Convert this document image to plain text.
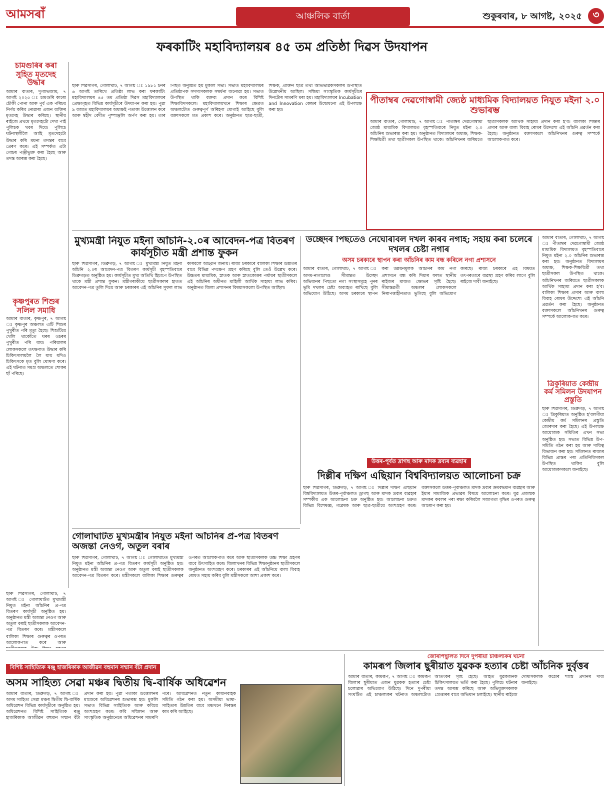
আমসৰাঁ	আঞ্চলিক বাৰ্তা	শুকুৰবাৰ, ৮ আগষ্ট, ২০২৫	৩
চামগুৰিৰ কৰা সুহিত মৃতদেহ উদ্ধাৰ
আমাৰ বাতৰি, দুৰ্গাভিজাম, ৭ আগষ্ট ২০২৫ ঃ চামগুৰি কাৰো চৌকী পোনা আৰু পুৰ্ব এক পৰিচয় নিৰ্ণয় কৰিব নোৱাৰা এজন ব্যক্তিৰ মৃতদেহ উদ্ধাৰ কৰিছে। স্থানীয় ৰাইজে প্ৰথমে মৃতদেহটো দেখা পাই পুলিচক খবৰ দিয়ে। পুলিচে ঘটনাস্থলীলৈ আহি মৃতদেহটো উদ্ধাৰ কৰি ময়না তদন্তৰ বাবে প্ৰেৰণ কৰে। এই সম্পৰ্কত এটা গোচৰ পঞ্জীভুক্ত কৰা হৈছে আৰু তদন্ত আৰম্ভ কৰা হৈছে।
কৃষ্ণপুৰত শিশুৰ সলিল সমাধি
আমাৰ বাতৰি, কৃষ্ণপুৰ, ৭ আগষ্ট ঃ কৃষ্ণপুৰ অঞ্চলত এটি শিশুৰ পুখুৰীত পৰি মৃত্যু হৈছে। শিশুটিয়ে খেলি থাকোঁতে ঘৰৰ ওচৰৰ পুখুৰীত পৰি যায়। পৰিয়ালৰ লোকসকলে তৎক্ষণাত উদ্ধাৰ কৰি চিকিৎসালয়লৈ লৈ যায় যদিও চিকিৎসকে মৃত বুলি ঘোষণা কৰে। এই ঘটনাত সমগ্ৰ অঞ্চলতে শোকৰ ছাঁ পৰিছে।
ফৰকাটিং মহাবিদ্যালয়ৰ ৪৫ তম প্ৰতিষ্ঠা দিৱস উদযাপন
ছাৰু শিৱসাগৰ, গোলাঘাট, ৭ আগষ্ট ঃ ১৯৮১ চনৰ ৬ আগষ্ট তাৰিখে প্ৰতিষ্ঠা লাভ কৰা ফৰকাটিং মহাবিদ্যালয়ৰ ৪৫ তম প্ৰতিষ্ঠা দিৱস মহাবিদ্যালয়ৰ প্ৰেক্ষাগৃহত বিভিন্ন কাৰ্যসূচীৰে উদযাপন কৰা হয়। পুৱা ৯ বজাত মহাবিদ্যালয়ৰ অধ্যক্ষই পতাকা উত্তোলন কৰে আৰু শ্বহীদ বেদীত পুষ্পাঞ্জলি অৰ্পণ কৰা হয়। তাৰ পিছত অনুষ্ঠিত হয় মুকলি সভা। সভাত মহাবিদ্যালয়ৰ প্ৰতিষ্ঠাপক সদস্যসকলক সম্বৰ্ধনা জনোৱা হয়। সভাত উপস্থিত থাকি বক্তব্য প্ৰদান কৰে বিশিষ্ট শিক্ষাবিদসকলে। মহাবিদ্যালয়খনে শিক্ষাৰ ক্ষেত্ৰত অঞ্চলটোত গুৰুত্বপূৰ্ণ অৰিহণা যোগাই আহিছে বুলি বক্তাসকলে মত প্ৰকাশ কৰে। অনুষ্ঠানত ছাত্ৰ-ছাত্ৰী, শিক্ষক, প্ৰাক্তন ছাত্ৰ তথা অভিভাৱকসকলৰ উপস্থিতি উল্লেখনীয় আছিল। সন্ধিয়া সাংস্কৃতিক কাৰ্যসূচীৰে দিনটোৰ সামৰণি মৰা হয়। মহাবিদ্যালয়ৰ Incubation and Innovation কেন্দ্ৰৰ উদ্বোধনো এই উপলক্ষে কৰা হয়।
পীতাম্বৰ দেৱগোস্বামী জ্যেষ্ঠ মাধ্যমিক বিদ্যালয়ত নিযুত মইনা ২.০ শুভাৰম্ভ
আমাৰ বাতৰি, গোলাঘাট, ৭ আগষ্ট ঃ পীতাম্বৰ দেৱগোস্বামী জ্যেষ্ঠ মাধ্যমিক বিদ্যালয়ত বৃহস্পতিবাৰে নিযুত মইনা ২.০ আঁচনিৰ শুভাৰম্ভ কৰা হয়। অনুষ্ঠানত বিদ্যালয়ৰ অধ্যক্ষ, শিক্ষক-শিক্ষয়িত্ৰী তথা ছাত্ৰীসকল উপস্থিত থাকে। আঁচনিখনৰ জৰিয়তে ছাত্ৰীসকলক আৰ্থিক সাহায্য প্ৰদান কৰা হ'ব। বালিকা শিক্ষাৰ প্ৰসাৰ আৰু বাল্য বিবাহ ৰোধৰ উদ্দেশ্যে এই আঁচনি প্ৰৱৰ্তন কৰা হৈছে। অনুষ্ঠানত বক্তাসকলে আঁচনিখনৰ গুৰুত্ব সম্পৰ্কে আলোকপাত কৰে।
মুখ্যমন্ত্ৰী নিযুত মইনা আঁচনি-২.০ৰ আবেদন-পত্ৰ বিতৰণ কাৰ্যসূচীত মন্ত্ৰী প্ৰশান্ত ফুকন
ছাৰু শিৱসাগৰ, ডিব্ৰুগড়, ৭ আগষ্ট ঃ মুখ্যমন্ত্ৰী নিযুত মইনা আঁচনি ২.০ৰ আবেদন-পত্ৰ বিতৰণ কাৰ্যসূচী বৃহস্পতিবাৰে ডিব্ৰুগড়ত অনুষ্ঠিত হয়। কাৰ্যসূচীত মুখ্য অতিথি হিচাপে উপস্থিত থাকে মন্ত্ৰী প্ৰশান্ত ফুকন। মন্ত্ৰীগৰাকীয়ে ছাত্ৰীসকলৰ হাতত আবেদন-পত্ৰ তুলি দিয়ে আৰু চৰকাৰৰ এই আঁচনিৰ সুফল লাভ কৰিবলৈ আহ্বান জনায়। ৰাজ্য চৰকাৰে বালিকা শিক্ষাৰ উন্নতিৰ বাবে বিভিন্ন পদক্ষেপ গ্ৰহণ কৰিছে বুলি তেওঁ উল্লেখ কৰে। উচ্চতৰ মাধ্যমিক, স্নাতক আৰু স্নাতকোত্তৰ পৰ্যায়ৰ ছাত্ৰীসকলে এই আঁচনিৰ অধীনত মাহিলী আৰ্থিক সাহায্য লাভ কৰিব। অনুষ্ঠানত জিলা প্ৰশাসনৰ বিষয়াসকলো উপস্থিত আছিল।
উচ্ছেদৰ পিছতেও নেঘেৰিবিল দখল কৰিব নগাই; সহায় কৰা চলেৰে দখলৰ চেষ্টা নগাৰ
অসম চৰকাৰে স্থাপন কৰা আঁচনিৰ কাম বন্ধ কৰিলে নগা প্ৰশাসনে
আমাৰ বাতৰি, গোলাঘাট, ৭ আগষ্ট ঃ অসম-নাগালেণ্ড সীমান্তত উচ্ছেদ অভিযানৰ পিছতো নগা সংস্থাসমূহে পুনৰ ভূমি দখলৰ চেষ্টা অব্যাহত ৰাখিছে বুলি অভিযোগ উঠিছে। অসম চৰকাৰে স্থাপন কৰা উন্নয়নমূলক আঁচনিৰ কাম নগা প্ৰশাসনে বন্ধ কৰি দিয়াৰ ফলত স্থানীয় ৰাইজৰ মাজত ক্ষোভৰ সৃষ্টি হৈছে। সীমান্তৱৰ্তী অঞ্চলৰ লোকসকলে নিৰাপত্তাহীনতাত ভুগিছে বুলি অভিযোগ কৰিছে। ৰাজ্য চৰকাৰে এই বিষয়ত তৎপৰতাৰে ব্যৱস্থা গ্ৰহণ কৰিব লাগে বুলি ৰাইজে দাবী জনাইছে।
ত্ৰিকুৰিয়াত কেন্দ্ৰীয় কৰ্ম সমিলন উদযাপন প্ৰস্তুতি
ছাৰু শিৱসাগৰ, ডিব্ৰুগড়, ৭ আগষ্ট ঃ ত্ৰিকুৰিয়াত অনুষ্ঠিত হ'বলগীয়া কেন্দ্ৰীয় কৰ্ম সমিলনৰ প্ৰস্তুতি জোৰদাৰ কৰা হৈছে। এই উপলক্ষে আয়োজক সমিতিৰ এখন সভা অনুষ্ঠিত হয়। সভাত বিভিন্ন উপ-সমিতি গঠন কৰা হয় আৰু দায়িত্ব বিভাজন কৰা হয়। সমিলনত ৰাজ্যৰ বিভিন্ন প্ৰান্তৰ পৰা প্ৰতিনিধিসকল উপস্থিত থাকিব বুলি আয়োজকসকলে জনাইছে।
আমাৰ বাতৰি, গোলাঘাট, ৭ আগষ্ট ঃ পীতাম্বৰ দেৱগোস্বামী জ্যেষ্ঠ মাধ্যমিক বিদ্যালয়ত বৃহস্পতিবাৰে নিযুত মইনা ২.০ আঁচনিৰ শুভাৰম্ভ কৰা হয়। অনুষ্ঠানত বিদ্যালয়ৰ অধ্যক্ষ, শিক্ষক-শিক্ষয়িত্ৰী তথা ছাত্ৰীসকল উপস্থিত থাকে। আঁচনিখনৰ জৰিয়তে ছাত্ৰীসকলক আৰ্থিক সাহায্য প্ৰদান কৰা হ'ব। বালিকা শিক্ষাৰ প্ৰসাৰ আৰু বাল্য বিবাহ ৰোধৰ উদ্দেশ্যে এই আঁচনি প্ৰৱৰ্তন কৰা হৈছে। অনুষ্ঠানত বক্তাসকলে আঁচনিখনৰ গুৰুত্ব সম্পৰ্কে আলোকপাত কৰে।
গোলাঘাটত মুখ্যমন্ত্ৰীৰ নিযুত মইনা আঁচনিৰ প্ৰ-পত্ৰ বিতৰণ অজন্তা নেওগ, অতুল বৰাৰ
ছাৰু শিৱসাগৰ, গোলাঘাট, ৭ আগষ্ট ঃ গোলাঘাটত মুখ্যমন্ত্ৰী নিযুত মইনা আঁচনিৰ প্ৰ-পত্ৰ বিতৰণ কাৰ্যসূচী অনুষ্ঠিত হয়। অনুষ্ঠানত মন্ত্ৰী অজন্তা নেওগ আৰু অতুল বৰাই ছাত্ৰীসকলক আবেদন-পত্ৰ বিতৰণ কৰে। মন্ত্ৰীসকলে বালিকা শিক্ষাৰ গুৰুত্বৰ ওপৰত আলোকপাত কৰে আৰু ছাত্ৰীসকলক উচ্চ শিক্ষা গ্ৰহণৰ বাবে উৎসাহিত কৰে। জিলাখনৰ বিভিন্ন শিক্ষানুষ্ঠানৰ ছাত্ৰীসকলে অনুষ্ঠানত অংশগ্ৰহণ কৰে। চৰকাৰৰ এই আঁচনিয়ে বাল্য বিবাহ ৰোধত সহায় কৰিব বুলি মন্ত্ৰীসকলে আশা প্ৰকাশ কৰে।
ছাৰু শিৱসাগৰ, গোলাঘাট, ৭ আগষ্ট ঃ গোলাঘাটত মুখ্যমন্ত্ৰী নিযুত মইনা আঁচনিৰ প্ৰ-পত্ৰ বিতৰণ কাৰ্যসূচী অনুষ্ঠিত হয়। অনুষ্ঠানত মন্ত্ৰী অজন্তা নেওগ আৰু অতুল বৰাই ছাত্ৰীসকলক আবেদন-পত্ৰ বিতৰণ কৰে। মন্ত্ৰীসকলে বালিকা শিক্ষাৰ গুৰুত্বৰ ওপৰত আলোকপাত কৰে আৰু
উত্তৰ-পূৰ্বত দ্ৰাগছ আৰু মাদক দ্ৰব্যৰ ব্যৱহাৰ
দিল্লীৰ দক্ষিণ এছিয়ান বিশ্ববিদ্যালয়ত আলোচনা চক্ৰ
ছাৰু শিৱসাগৰ, ডিব্ৰুগড়, ৭ আগষ্ট ঃ দিল্লীৰ দক্ষিণ এছিয়ান বিশ্ববিদ্যালয়ত উত্তৰ-পূৰ্বাঞ্চলত ড্ৰাগছ আৰু মাদক দ্ৰব্যৰ ব্যৱহাৰ সম্পৰ্কীয় এক আলোচনা চক্ৰ অনুষ্ঠিত হয়। আলোচনা চক্ৰত বিভিন্ন বিশেষজ্ঞ, গৱেষক আৰু ছাত্ৰ-ছাত্ৰীয়ে অংশগ্ৰহণ কৰে। বক্তাসকলে উত্তৰ-পূৰ্বাঞ্চলত মাদক দ্ৰব্যৰ ক্ৰমবৰ্দ্ধমান ব্যৱহাৰ আৰু ইয়াৰ সামাজিক প্ৰভাৱৰ বিষয়ে আলোচনা কৰে। যুৱ প্ৰজন্মক মাদকৰ কবলৰ পৰা ৰক্ষা কৰিবলৈ সজাগতা বৃদ্ধিৰ ওপৰত গুৰুত্ব আৰোপ কৰা হয়।
বিশিষ্ট সাহিত্যিক ৰঞ্জু হাজৰিকাক আজীৱন বহুমান সম্মান বঁটা প্ৰদান
অসম সাহিত্য সেৱা মঞ্চৰ দ্বিতীয় দ্বি-বাৰ্ষিক অধিৱেশন
আমাৰ বাতৰি, ডিব্ৰুগড়, ৭ আগষ্ট ঃ অসম সাহিত্য সেৱা মঞ্চৰ দ্বিতীয় দ্বি-বাৰ্ষিক অধিৱেশন বিভিন্ন কাৰ্যসূচীৰে অনুষ্ঠিত হয়। অধিৱেশনত বিশিষ্ট সাহিত্যিক ৰঞ্জু হাজৰিকাক আজীৱন বহুমান সম্মান বঁটা প্ৰদান কৰা হয়। পুৱা পতাকা উত্তোলনৰ মাজেৰে অধিৱেশনৰ শুভাৰম্ভ হয়। মুকলি সভাত বিভিন্ন সাহিত্যিক আৰু কবিয়ে অংশগ্ৰহণ কৰে। কবি সন্মিলন আৰু সাংস্কৃতিক অনুষ্ঠানেৰে অধিৱেশনৰ সামৰণি পৰে। অধিৱেশনত নতুন কাৰ্যনিৰ্বাহক সমিতি গঠন কৰা হয়। অসমীয়া ভাষা-সাহিত্যৰ উন্নতিৰ বাবে মঞ্চখনে নিৰন্তৰ কাম কৰি আহিছে।
জোৰপিছুলিত দিনে দুপৰীয়া চাঞ্চল্যকৰ ঘটনা
কামৰূপ জিলাৰ ছুৰীয়াত যুৱকক হত্যাৰ চেষ্টা আঁচনিক দুৰ্বৃত্তৰ
আমাৰ বাতৰি, কামৰূপ, ৭ আগষ্ট ঃ কামৰূপ জিলাৰ ছুৰীয়াত এজন যুৱকক হত্যাৰ চেষ্টা চলোৱাৰ অভিযোগ উঠিছে। দিনে দুপৰীয়া সংঘটিত এই চাঞ্চল্যকৰ ঘটনাত অঞ্চলটোত আতংকৰ সৃষ্টি হৈছে। আহত যুৱকজনক চিকিৎসালয়ত ভৰ্তি কৰা হৈছে। পুলিচে ঘটনাৰ তদন্ত আৰম্ভ কৰিছে আৰু অভিযুক্তসকলক গ্ৰেপ্তাৰৰ বাবে অভিযান চলাইছে। স্থানীয় ৰাইজে দোষীসকলক কঠোৰ শাস্তি প্ৰদানৰ দাবী জনাইছে।
